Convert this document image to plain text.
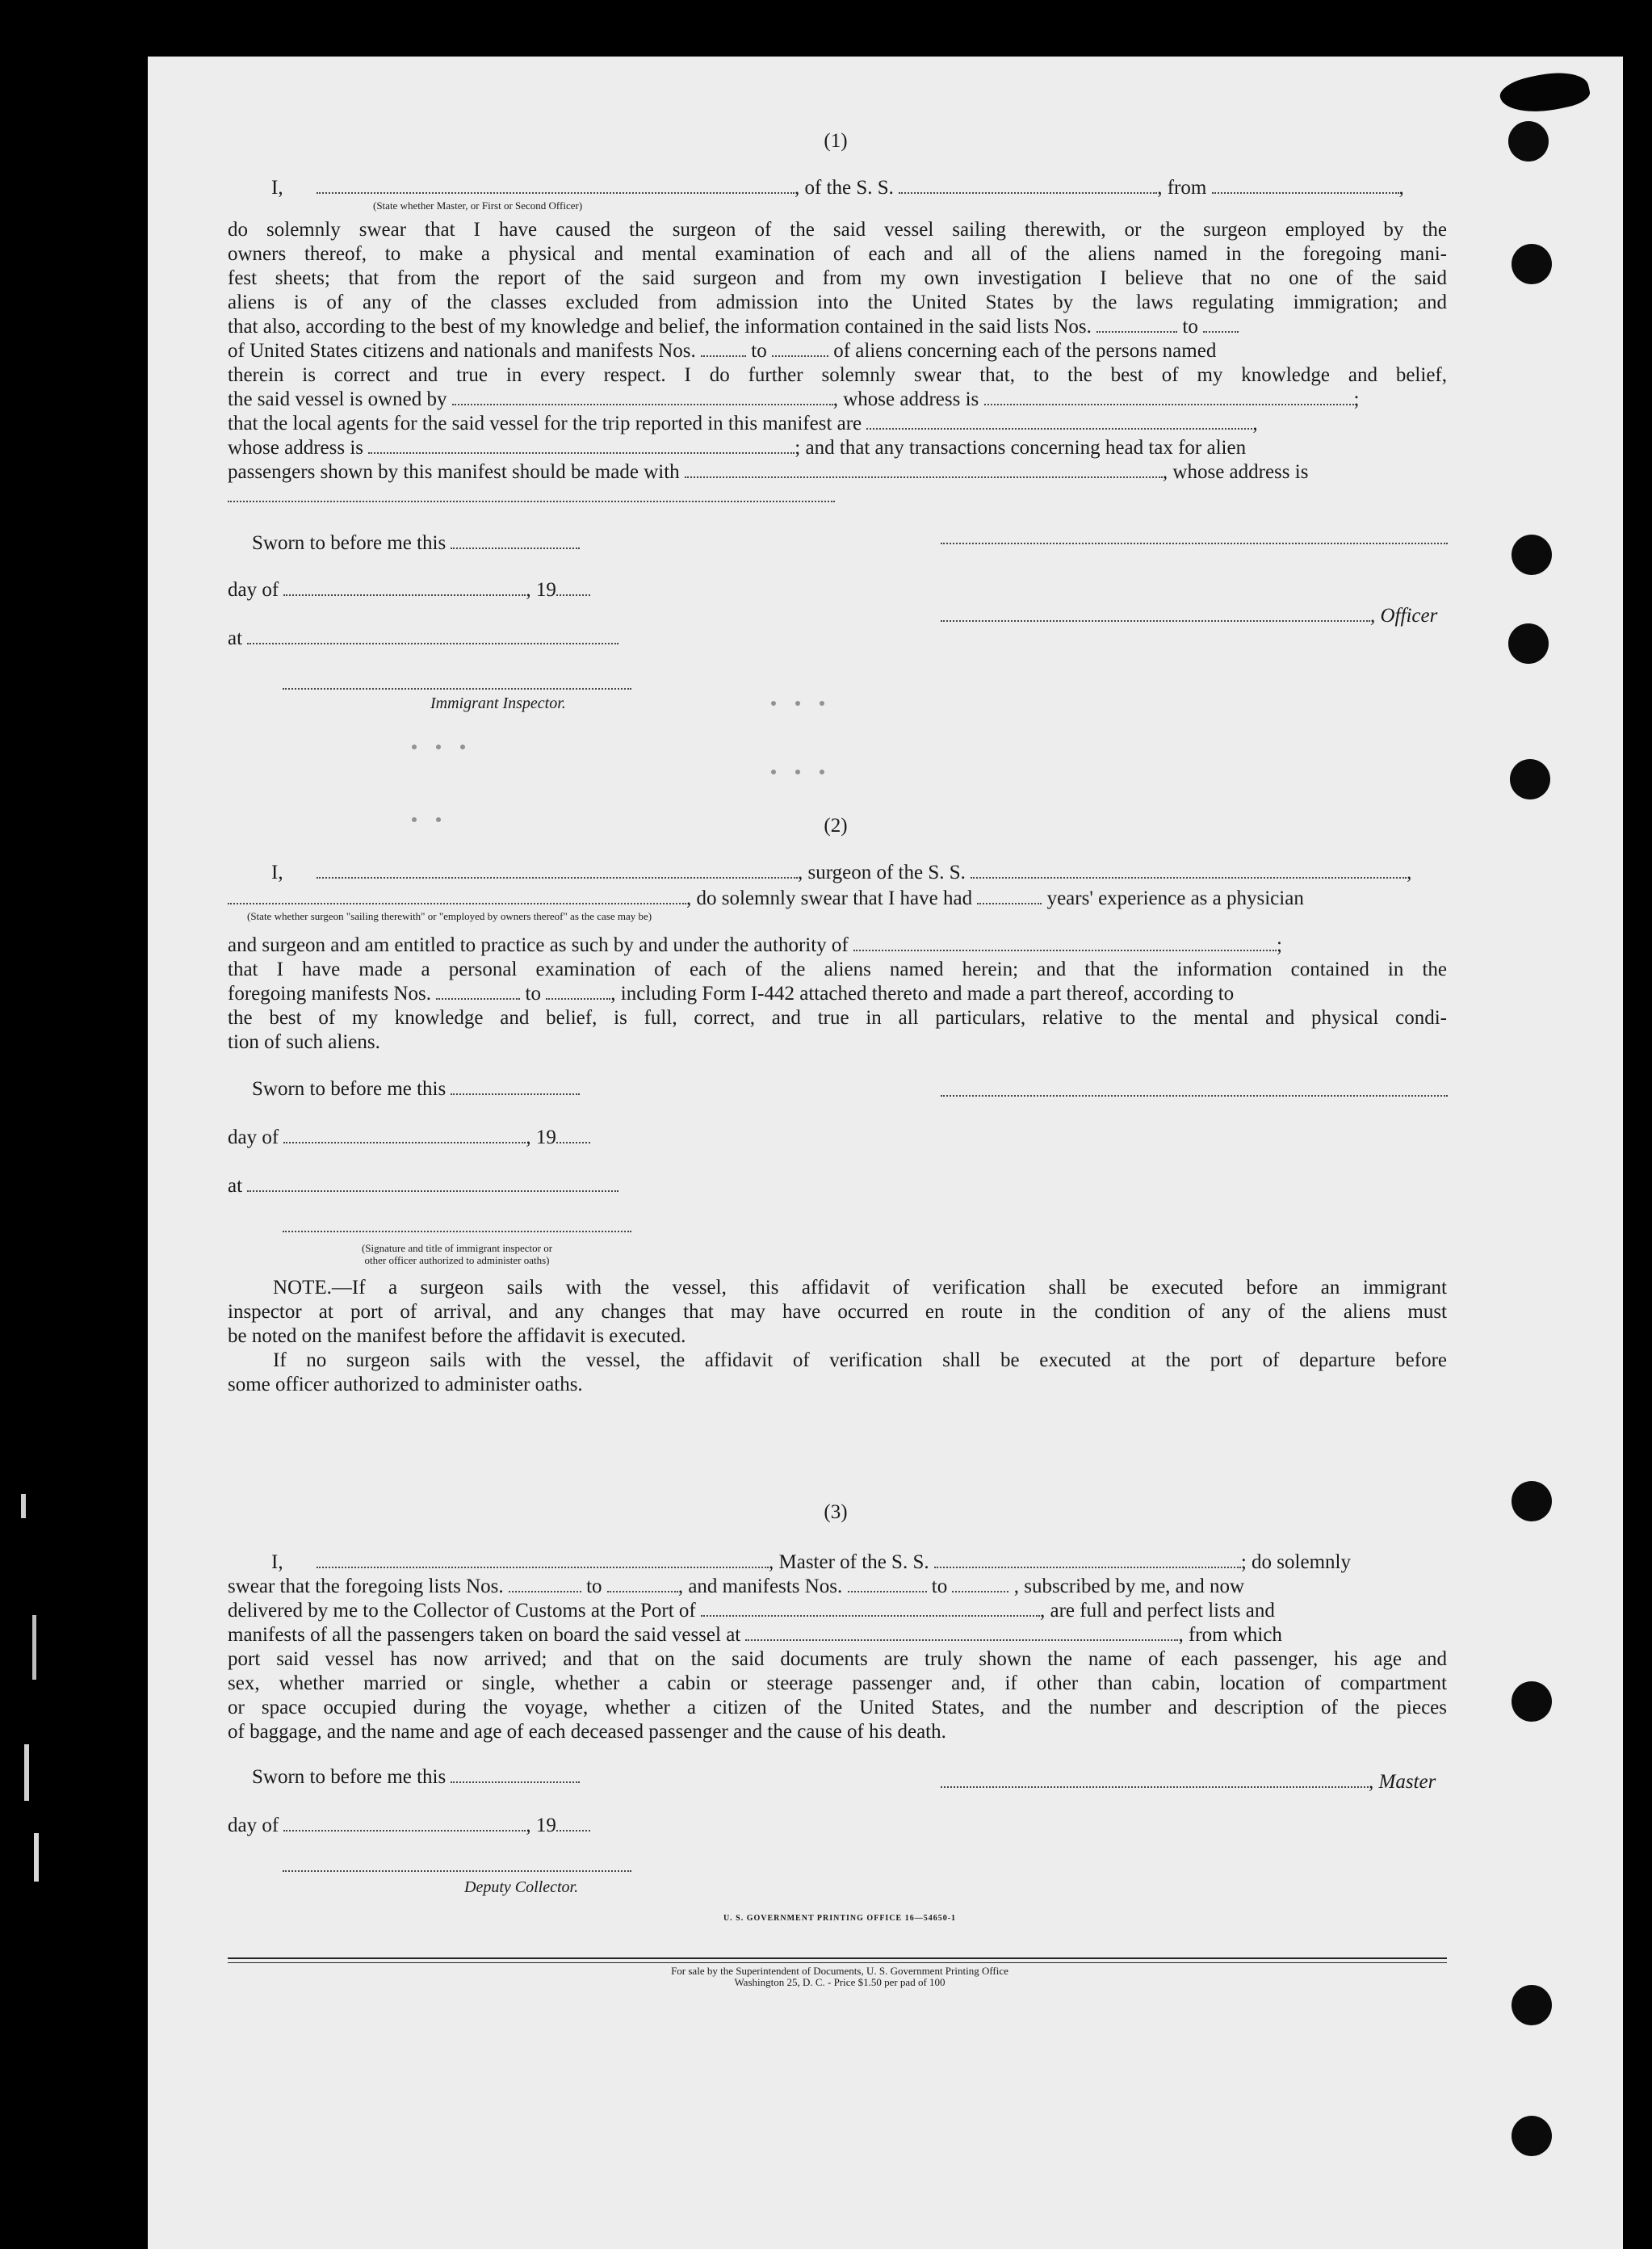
(1)
I,	, of the S. S.	, from	,
(State whether Master, or First or Second Officer)
do solemnly swear that I have caused the surgeon of the said vessel sailing therewith, or the surgeon employed by the
owners thereof, to make a physical and mental examination of each and all of the aliens named in the foregoing mani-
fest sheets; that from the report of the said surgeon and from my own investigation I believe that no one of the said
aliens is of any of the classes excluded from admission into the United States by the laws regulating immigration; and
that also, according to the best of my knowledge and belief, the information contained in the said lists Nos.	to
of United States citizens and nationals and manifests Nos.	to	of aliens concerning each of the persons named
therein is correct and true in every respect. I do further solemnly swear that, to the best of my knowledge and belief,
the said vessel is owned by	, whose address is	;
that the local agents for the said vessel for the trip reported in this manifest are	,
whose address is	; and that any transactions concerning head tax for alien
passengers shown by this manifest should be made with	, whose address is
Sworn to before me this
day of	, 19
, Officer
at
Immigrant Inspector.
(2)
I,	, surgeon of the S. S.	,
, do solemnly swear that I have had	years' experience as a physician
(State whether surgeon "sailing therewith" or "employed by owners thereof" as the case may be)
and surgeon and am entitled to practice as such by and under the authority of	;
that I have made a personal examination of each of the aliens named herein; and that the information contained in the
foregoing manifests Nos.	to	, including Form I-442 attached thereto and made a part thereof, according to
the best of my knowledge and belief, is full, correct, and true in all particulars, relative to the mental and physical condi-
tion of such aliens.
Sworn to before me this
day of	, 19
at
(Signature and title of immigrant inspector or
other officer authorized to administer oaths)
NOTE.—If a surgeon sails with the vessel, this affidavit of verification shall be executed before an immigrant
inspector at port of arrival, and any changes that may have occurred en route in the condition of any of the aliens must
be noted on the manifest before the affidavit is executed.
If no surgeon sails with the vessel, the affidavit of verification shall be executed at the port of departure before
some officer authorized to administer oaths.
(3)
I,	, Master of the S. S.	; do solemnly
swear that the foregoing lists Nos.	to	, and manifests Nos.	to	, subscribed by me, and now
delivered by me to the Collector of Customs at the Port of	, are full and perfect lists and
manifests of all the passengers taken on board the said vessel at	, from which
port said vessel has now arrived; and that on the said documents are truly shown the name of each passenger, his age and
sex, whether married or single, whether a cabin or steerage passenger and, if other than cabin, location of compartment
or space occupied during the voyage, whether a citizen of the United States, and the number and description of the pieces
of baggage, and the name and age of each deceased passenger and the cause of his death.
Sworn to before me this	, Master
day of	, 19
Deputy Collector.
U. S. GOVERNMENT PRINTING OFFICE 16—54650-1
For sale by the Superintendent of Documents, U. S. Government Printing Office
Washington 25, D. C. - Price $1.50 per pad of 100
